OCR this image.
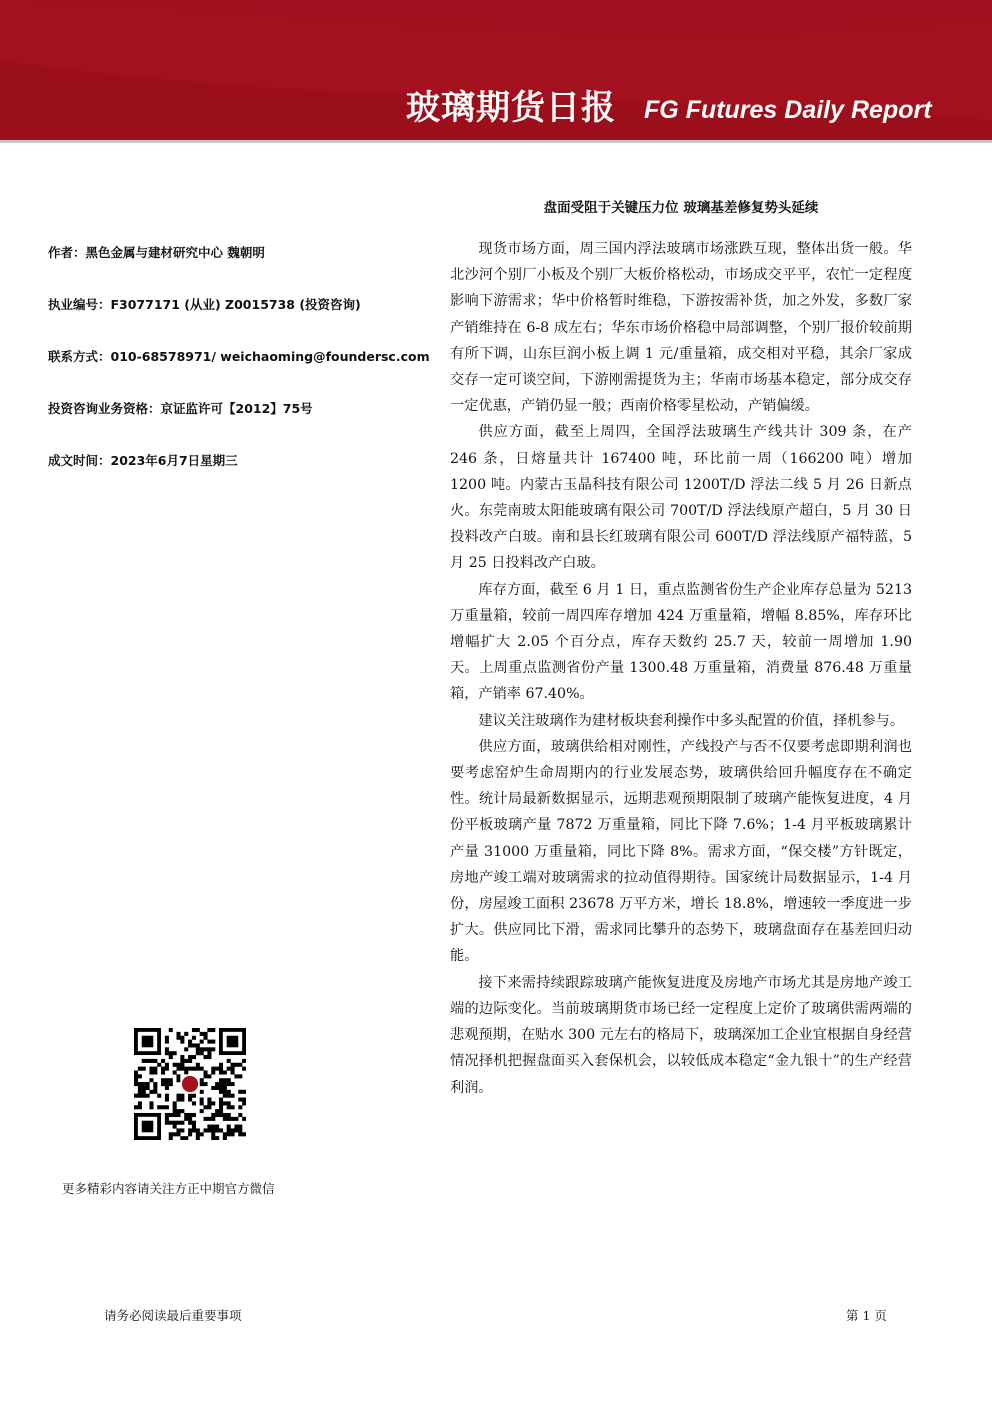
玻璃期货日报 FG Futures Daily Report
盘面受阻于关键压力位 玻璃基差修复势头延续
作者：黑色金属与建材研究中心 魏朝明
执业编号：F3077171 (从业) Z0015738 (投资咨询)
联系方式：010-68578971/ weichaoming@foundersc.com
投资咨询业务资格：京证监许可【2012】75号
成文时间：2023年6月7日星期三
更多精彩内容请关注方正中期官方微信

现货市场方面，周三国内浮法玻璃市场涨跌互现，整体出货一般。华北沙河个别厂小板及个别厂大板价格松动，市场成交平平，农忙一定程度影响下游需求；华中价格暂时维稳，下游按需补货，加之外发，多数厂家产销维持在 6-8 成左右；华东市场价格稳中局部调整，个别厂报价较前期有所下调，山东巨润小板上调 1 元/重量箱，成交相对平稳，其余厂家成交存一定可谈空间，下游刚需提货为主；华南市场基本稳定，部分成交存一定优惠，产销仍显一般；西南价格零星松动，产销偏缓。

供应方面，截至上周四，全国浮法玻璃生产线共计 309 条，在产 246 条，日熔量共计 167400 吨，环比前一周（166200 吨）增加 1200 吨。内蒙古玉晶科技有限公司 1200T/D 浮法二线 5 月 26 日新点火。东莞南玻太阳能玻璃有限公司 700T/D 浮法线原产超白，5 月 30 日投料改产白玻。南和县长红玻璃有限公司 600T/D 浮法线原产福特蓝，5 月 25 日投料改产白玻。

库存方面，截至 6 月 1 日，重点监测省份生产企业库存总量为 5213 万重量箱，较前一周四库存增加 424 万重量箱，增幅 8.85%，库存环比增幅扩大 2.05 个百分点，库存天数约 25.7 天，较前一周增加 1.90 天。上周重点监测省份产量 1300.48 万重量箱，消费量 876.48 万重量箱，产销率 67.40%。

建议关注玻璃作为建材板块套利操作中多头配置的价值，择机参与。

供应方面，玻璃供给相对刚性，产线投产与否不仅要考虑即期利润也要考虑窑炉生命周期内的行业发展态势，玻璃供给回升幅度存在不确定性。统计局最新数据显示，远期悲观预期限制了玻璃产能恢复进度，4 月份平板玻璃产量 7872 万重量箱，同比下降 7.6%；1-4 月平板玻璃累计产量 31000 万重量箱，同比下降 8%。需求方面，“保交楼”方针既定，房地产竣工端对玻璃需求的拉动值得期待。国家统计局数据显示，1-4 月份，房屋竣工面积 23678 万平方米，增长 18.8%，增速较一季度进一步扩大。供应同比下滑，需求同比攀升的态势下，玻璃盘面存在基差回归动能。

接下来需持续跟踪玻璃产能恢复进度及房地产市场尤其是房地产竣工端的边际变化。当前玻璃期货市场已经一定程度上定价了玻璃供需两端的悲观预期，在贴水 300 元左右的格局下，玻璃深加工企业宜根据自身经营情况择机把握盘面买入套保机会，以较低成本稳定“金九银十”的生产经营利润。

请务必阅读最后重要事项	第 1 页
